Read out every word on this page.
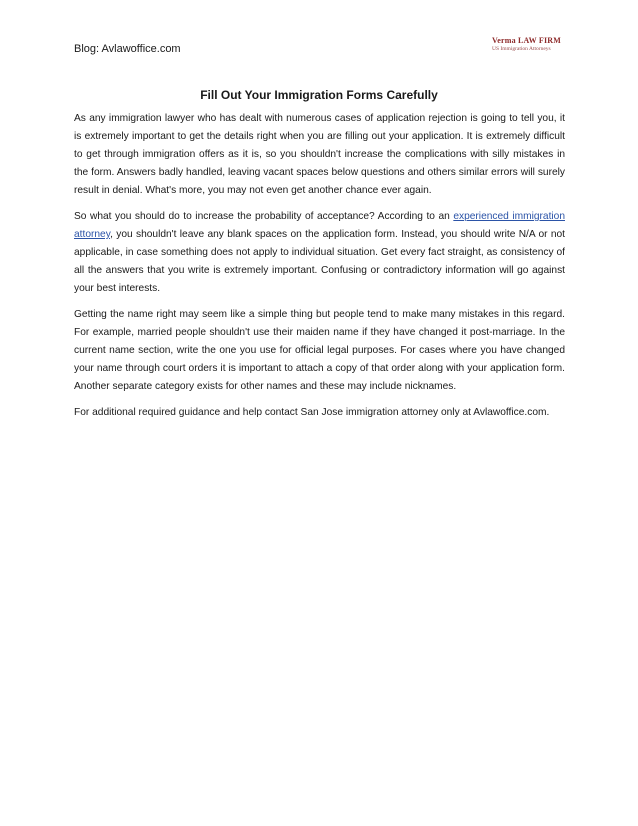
Blog: Avlawoffice.com
Verma LAW FIRM
US Immigration Attorneys
Fill Out Your Immigration Forms Carefully

As any immigration lawyer who has dealt with numerous cases of application rejection is going to tell you, it is extremely important to get the details right when you are filling out your application. It is extremely difficult to get through immigration offers as it is, so you shouldn't increase the complications with silly mistakes in the form. Answers badly handled, leaving vacant spaces below questions and others similar errors will surely result in denial. What's more, you may not even get another chance ever again.

So what you should do to increase the probability of acceptance? According to an experienced immigration attorney, you shouldn't leave any blank spaces on the application form. Instead, you should write N/A or not applicable, in case something does not apply to individual situation. Get every fact straight, as consistency of all the answers that you write is extremely important. Confusing or contradictory information will go against your best interests.

Getting the name right may seem like a simple thing but people tend to make many mistakes in this regard. For example, married people shouldn't use their maiden name if they have changed it post-marriage. In the current name section, write the one you use for official legal purposes. For cases where you have changed your name through court orders it is important to attach a copy of that order along with your application form. Another separate category exists for other names and these may include nicknames.

For additional required guidance and help contact San Jose immigration attorney only at Avlawoffice.com.
